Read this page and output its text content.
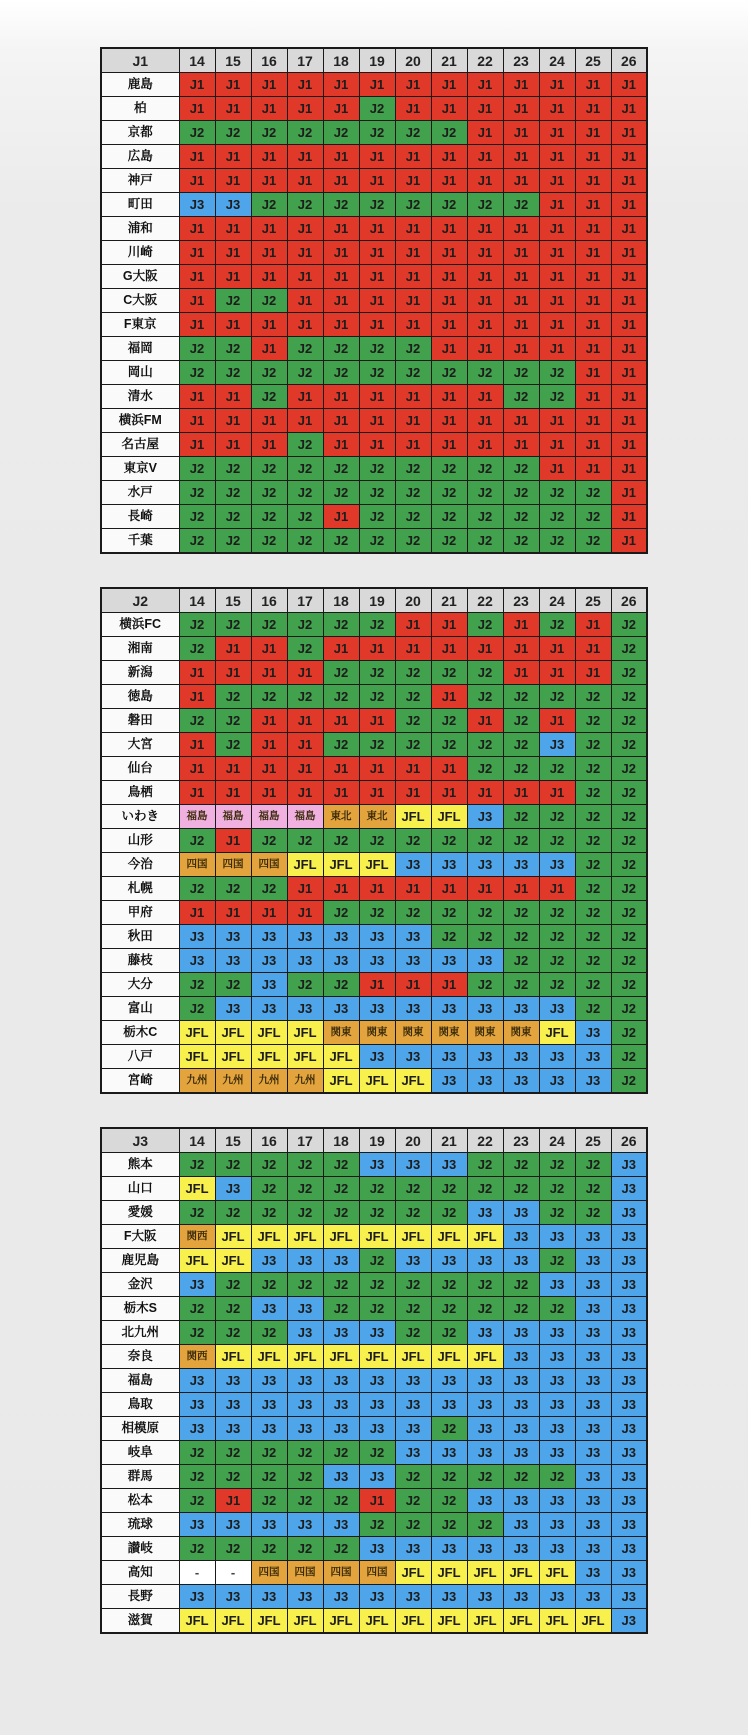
J1	14	15	16	17	18	19	20	21	22	23	24	25	26
鹿島	J1	J1	J1	J1	J1	J1	J1	J1	J1	J1	J1	J1	J1
柏	J1	J1	J1	J1	J1	J2	J1	J1	J1	J1	J1	J1	J1
京都	J2	J2	J2	J2	J2	J2	J2	J2	J1	J1	J1	J1	J1
広島	J1	J1	J1	J1	J1	J1	J1	J1	J1	J1	J1	J1	J1
神戸	J1	J1	J1	J1	J1	J1	J1	J1	J1	J1	J1	J1	J1
町田	J3	J3	J2	J2	J2	J2	J2	J2	J2	J2	J1	J1	J1
浦和	J1	J1	J1	J1	J1	J1	J1	J1	J1	J1	J1	J1	J1
川崎	J1	J1	J1	J1	J1	J1	J1	J1	J1	J1	J1	J1	J1
G大阪	J1	J1	J1	J1	J1	J1	J1	J1	J1	J1	J1	J1	J1
C大阪	J1	J2	J2	J1	J1	J1	J1	J1	J1	J1	J1	J1	J1
F東京	J1	J1	J1	J1	J1	J1	J1	J1	J1	J1	J1	J1	J1
福岡	J2	J2	J1	J2	J2	J2	J2	J1	J1	J1	J1	J1	J1
岡山	J2	J2	J2	J2	J2	J2	J2	J2	J2	J2	J2	J1	J1
清水	J1	J1	J2	J1	J1	J1	J1	J1	J1	J2	J2	J1	J1
横浜FM	J1	J1	J1	J1	J1	J1	J1	J1	J1	J1	J1	J1	J1
名古屋	J1	J1	J1	J2	J1	J1	J1	J1	J1	J1	J1	J1	J1
東京V	J2	J2	J2	J2	J2	J2	J2	J2	J2	J2	J1	J1	J1
水戸	J2	J2	J2	J2	J2	J2	J2	J2	J2	J2	J2	J2	J1
長崎	J2	J2	J2	J2	J1	J2	J2	J2	J2	J2	J2	J2	J1
千葉	J2	J2	J2	J2	J2	J2	J2	J2	J2	J2	J2	J2	J1
J2	14	15	16	17	18	19	20	21	22	23	24	25	26
横浜FC	J2	J2	J2	J2	J2	J2	J1	J1	J2	J1	J2	J1	J2
湘南	J2	J1	J1	J2	J1	J1	J1	J1	J1	J1	J1	J1	J2
新潟	J1	J1	J1	J1	J2	J2	J2	J2	J2	J1	J1	J1	J2
徳島	J1	J2	J2	J2	J2	J2	J2	J1	J2	J2	J2	J2	J2
磐田	J2	J2	J1	J1	J1	J1	J2	J2	J1	J2	J1	J2	J2
大宮	J1	J2	J1	J1	J2	J2	J2	J2	J2	J2	J3	J2	J2
仙台	J1	J1	J1	J1	J1	J1	J1	J1	J2	J2	J2	J2	J2
鳥栖	J1	J1	J1	J1	J1	J1	J1	J1	J1	J1	J1	J2	J2
いわき	福島	福島	福島	福島	東北	東北	JFL	JFL	J3	J2	J2	J2	J2
山形	J2	J1	J2	J2	J2	J2	J2	J2	J2	J2	J2	J2	J2
今治	四国	四国	四国	JFL	JFL	JFL	J3	J3	J3	J3	J3	J2	J2
札幌	J2	J2	J2	J1	J1	J1	J1	J1	J1	J1	J1	J2	J2
甲府	J1	J1	J1	J1	J2	J2	J2	J2	J2	J2	J2	J2	J2
秋田	J3	J3	J3	J3	J3	J3	J3	J2	J2	J2	J2	J2	J2
藤枝	J3	J3	J3	J3	J3	J3	J3	J3	J3	J2	J2	J2	J2
大分	J2	J2	J3	J2	J2	J1	J1	J1	J2	J2	J2	J2	J2
富山	J2	J3	J3	J3	J3	J3	J3	J3	J3	J3	J3	J2	J2
栃木C	JFL	JFL	JFL	JFL	関東	関東	関東	関東	関東	関東	JFL	J3	J2
八戸	JFL	JFL	JFL	JFL	JFL	J3	J3	J3	J3	J3	J3	J3	J2
宮崎	九州	九州	九州	九州	JFL	JFL	JFL	J3	J3	J3	J3	J3	J2
J3	14	15	16	17	18	19	20	21	22	23	24	25	26
熊本	J2	J2	J2	J2	J2	J3	J3	J3	J2	J2	J2	J2	J3
山口	JFL	J3	J2	J2	J2	J2	J2	J2	J2	J2	J2	J2	J3
愛媛	J2	J2	J2	J2	J2	J2	J2	J2	J3	J3	J2	J2	J3
F大阪	関西	JFL	JFL	JFL	JFL	JFL	JFL	JFL	JFL	J3	J3	J3	J3
鹿児島	JFL	JFL	J3	J3	J3	J2	J3	J3	J3	J3	J2	J3	J3
金沢	J3	J2	J2	J2	J2	J2	J2	J2	J2	J2	J3	J3	J3
栃木S	J2	J2	J3	J3	J2	J2	J2	J2	J2	J2	J2	J3	J3
北九州	J2	J2	J2	J3	J3	J3	J2	J2	J3	J3	J3	J3	J3
奈良	関西	JFL	JFL	JFL	JFL	JFL	JFL	JFL	JFL	J3	J3	J3	J3
福島	J3	J3	J3	J3	J3	J3	J3	J3	J3	J3	J3	J3	J3
鳥取	J3	J3	J3	J3	J3	J3	J3	J3	J3	J3	J3	J3	J3
相模原	J3	J3	J3	J3	J3	J3	J3	J2	J3	J3	J3	J3	J3
岐阜	J2	J2	J2	J2	J2	J2	J3	J3	J3	J3	J3	J3	J3
群馬	J2	J2	J2	J2	J3	J3	J2	J2	J2	J2	J2	J3	J3
松本	J2	J1	J2	J2	J2	J1	J2	J2	J3	J3	J3	J3	J3
琉球	J3	J3	J3	J3	J3	J2	J2	J2	J2	J3	J3	J3	J3
讃岐	J2	J2	J2	J2	J2	J3	J3	J3	J3	J3	J3	J3	J3
高知	-	-	四国	四国	四国	四国	JFL	JFL	JFL	JFL	JFL	J3	J3
長野	J3	J3	J3	J3	J3	J3	J3	J3	J3	J3	J3	J3	J3
滋賀	JFL	JFL	JFL	JFL	JFL	JFL	JFL	JFL	JFL	JFL	JFL	JFL	J3
